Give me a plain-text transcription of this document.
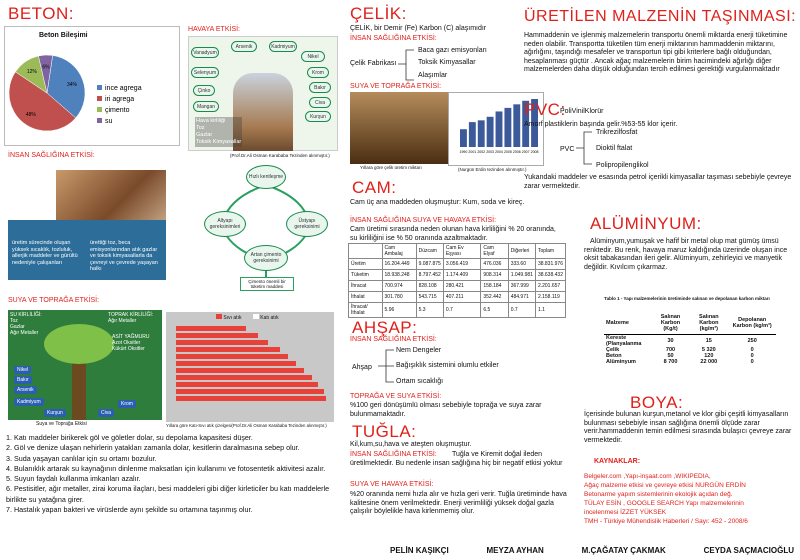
BETON:
Beton Bileşimi
34%
ince agrega
48%
iri agrega
12%
çimento
6%
su
HAVAYA ETKİSİ:
Vanadyum
Arsenik	Kadmiyum
Nikel
Selenyum	Krom
Bakır
Çinko
Civa
Mangan
Kurşun
Hava kirliliği
Toz
Gazlar
Toksik Kimyasallar
(Prof.Dr.Ali Osman Karababa Tezinden alınmıştır.)
İNSAN SAĞLIĞINA ETKİSİ:
üretim sürecinde oluşan yüksek sıcaklık, tozluluk, allerjik maddeler ve gürültü nedeniyle çalışanları
ürettiği toz, beca emisyonlarından atık gazlar ve toksik kimyasallarla da çevreyi ve çevrede yaşayan halkı
Hızlı kentleşme
Altyapı gereksinimleri
Üstyapı gereksinimi
Artan çimento gereksinimi
Çimento önemli bir tüketim maddesi
SUYA VE TOPRAĞA ETKİSİ:
SU KİRLİLİĞİ:
Toz
Gazlar
Ağır Metaller
TOPRAK KİRLİLİĞİ:
Ağır Metaller
ASİT YAĞMURU
Azot Oksitler
Kükürt Oksitler
Nikel
Bakır
Arsenik
Kadmiyum
Kurşun	Civa
Krom
Suya ve Toprağa Etkisi
Sıvı atık	Katı atık
Yıllara göre Katı-Sıvı atık çizelgesi(Prof.Dr.Ali Osman Karababa Tezinden alınmıştır.)
1. Katı maddeler birikerek göl ve göletler dolar, su depolama kapasitesi düşer.
2. Göl ve denize ulaşan nehirlerin yatakları zamanla dolar, kesitlerin daralmasına sebep olur.
3. Suda yaşayan canlılar için su ortamı bozulur.
4. Bulanıklık artarak su kaynağının dinlenme maksatları için kullanımı ve fotosentetik aktivitesi azalır.
5. Suyun faydalı kullanma imkanları azalır.
6. Pestisitler, ağır metaller, zirai koruma ilaçları, besi maddeleri gibi diğer kirleticiler bu katı maddelerle
birlikte su yatağına girer.
7. Hastalık yapan bakteri ve virüslerde aynı şekilde su ortamına taşınmış olur.
ÇELİK:
ÇELİK, bir Demir (Fe) Karbon (C) alaşımıdır
İNSAN SAĞLIĞINA ETKİSİ:
Çelik Fabrikası
Baca gazı emisyonları
Toksik Kimyasallar
Alaşımlar
SUYA VE TOPRAĞA ETKİSİ:
1990 2001 2002 2003 2004 2005 2006 2007 2008
Yıllara göre çelik üretim miktarı	(Nurgün Erdin tezinden alınmıştır.)
CAM:
Cam üç ana maddeden oluşmuştur: Kum, soda ve kireç.
İNSAN SAĞLIĞINA SUYA VE HAVAYA ETKİSİ:
Cam üretimi sırasında neden olunan hava kirliliğini % 20 oranında, su kirliliğini ise % 50 oranında azaltmaktadır.
	Cam Ambalaj	Düzcam	Cam Ev Eşyası	Cam Elyaf	Diğerleri	Toplam
Üretim	16.204.449	9.087.875	3.056.419	476.036	333.60	38.831.976
Tüketim	18.938.248	8.797.452	1.174.409	908.314	1.049.981	38.638.432
İhracat	700.974	828.108	280.421	158.184	367.999	2.201.657
İthalat	301.780	543.715	407.211	352.442	484.971	2.158.119
İhracat/İthalat	5.96	5.3	0.7	6.5	0.7	1.1
AHŞAP:
İNSAN SAĞLIĞINA ETKİSİ:
Ahşap
Nem Dengeler
Bağışıklık sistemini olumlu etkiler
Ortam sıcaklığı
TOPRAĞA VE SUYA ETKİSİ:
%100 geri dönüşümlü olması sebebiyle toprağa ve suya zarar bulunmamaktadır.
TUĞLA:
Kil,kum,su,hava ve ateşten oluşmuştur.
İNSAN SAĞLIĞINA ETKİSİ:	Tuğla ve Kiremit doğal ileden üretilmektedir. Bu nedenle insan sağlığına hiç bir negatif etkisi yoktur
SUYA VE HAVAYA ETKİSİ:
%20 oranında nemi hızla alır ve hızla geri verir. Tuğla üretiminde hava kalitesine önem verilmektedir. Enerji verimliliği yüksek doğal gazla çalışılır böylelikle hava kirlenmemiş olur.
ÜRETİLEN MALZENİN TAŞINMASI:
Hammaddenin ve işlenmiş malzemelerin transportu önemli miktarda enerji tüketimine neden olabilir. Transportta tüketilen tüm enerji miktarının hammaddenin miktarını, ağırlığını, taşındığı mesafeler ve transportun tipi gibi kriterlere bağlı olduğundan, hesaplanması güçtür . Ancak ağaç malzemelerin birim hacimindeki ağırlığı diğer malzemelerden daha düşük olduğundan tercih edilmesi gerektiği vurgulanmaktadır
PVC:
PoliVinilKlorür
Amorf plastiklerin başında gelir.%53-55 klor içerir.
PVC
Trikrezilfosfat
Dioktil ftalat
Polipropilenglikol
Yukandaki maddeler ve esasında petrol içerikli kimyasallar taşıması sebebiyle çevreye zarar vermektedir.
ALÜMİNYUM:
Alüminyum,yumuşak ve hafif bir metal olup mat gümüş ümsü renktedir. Bu renk, havaya maruz kaldığında üzerinde oluşan ince oksit tabakasından ileri gelir. Alüminyum, zehirleyici ve manyetik değildir. Kıvılcım çıkarmaz.
Tablo 1 - Yapı malzemelerinin üretiminde salınan ve depolanan karbon miktarı
Malzeme	Salınan Karbon (Kg/t)	Salınan Karbon (kg/m³)	Depolanan Karbon (kg/m³)
Kereste (Planyalanma	30	15	250
Çelik	700	5 320	0
Beton	50	120	0
Alüminyum	8 700	22 000	0
BOYA:
İçerisinde bulunan kurşun,metanol ve klor gibi çeşitli kimyasalların bulunması sebebiyle insan sağlığına önemli ölçüde zarar verir.hammaddenin temin edilmesi sırasında bulaşıcı çevreye zarar vermektedir.
KAYNAKLAR:
Belgeler.com ,Yapı-inşaat.com ,WIKIPEDIA,
Ağaç malzeme etkisi ve çevreye etkisi NURGÜN ERDİN
Betonarme yapım sistemlerinin ekolojik açıdan değ.
TÜLAY ESİN , GOOGLE SEARCH Yapı malzemelerinin
incelenmesi İZZET YÜKSEK
TMH - Türkiye Mühendislik Haberleri / Sayı: 452 - 2008/6
PELİN KAŞIKÇI	MEYZA AYHAN	M.ÇAĞATAY ÇAKMAK	CEYDA SAÇMACIOĞLU
